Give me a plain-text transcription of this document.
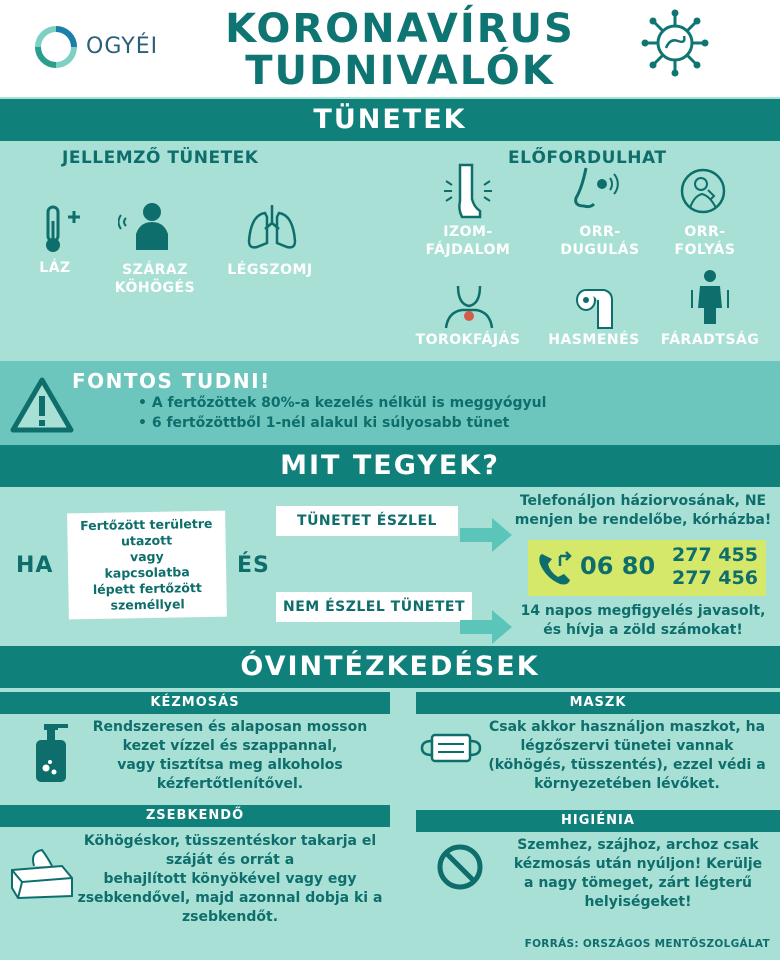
OGYÉI	KORONAVÍRUS
TUDNIVALÓK
TÜNETEK
JELLEMZŐ TÜNETEK	ELŐFORDULHAT
LÁZ	SZÁRAZ
KÖHÖGÉS
LÉGSZOMJ
IZOM-
FÁJDALOM
ORR-
DUGULÁS
ORR-
FOLYÁS
TOROKFÁJÁS	HASMENÉS	FÁRADTSÁG
FONTOS TUDNI!
• A fertőzöttek 80%-a kezelés nélkül is meggyógyul
• 6 fertőzöttből 1-nél alakul ki súlyosabb tünet
MIT TEGYEK?
HA
Fertőzött területre
utazott
vagy
kapcsolatba
lépett fertőzött
személlyel
ÉS
TÜNETET ÉSZLEL
NEM ÉSZLEL TÜNETET
Telefonáljon háziorvosának, NE
menjen be rendelőbe, kórházba!
06 80 277 455
277 456
14 napos megfigyelés javasolt,
és hívja a zöld számokat!
ÓVINTÉZKEDÉSEK
KÉZMOSÁS	MASZK
Rendszeresen és alaposan mosson
kezet vízzel és szappannal,
vagy tisztítsa meg alkoholos
kézfertőtlenítővel.
Csak akkor használjon maszkot, ha
légzőszervi tünetei vannak
(köhögés, tüsszentés), ezzel védi a
környezetében lévőket.
ZSEBKENDŐ	HIGIÉNIA
Köhögéskor, tüsszentéskor takarja el
száját és orrát a
behajlított könyökével vagy egy
zsebkendővel, majd azonnal dobja ki a
zsebkendőt.
Szemhez, szájhoz, archoz csak
kézmosás után nyúljon! Kerülje
a nagy tömeget, zárt légterű
helyiségeket!
FORRÁS: ORSZÁGOS MENTŐSZOLGÁLAT
